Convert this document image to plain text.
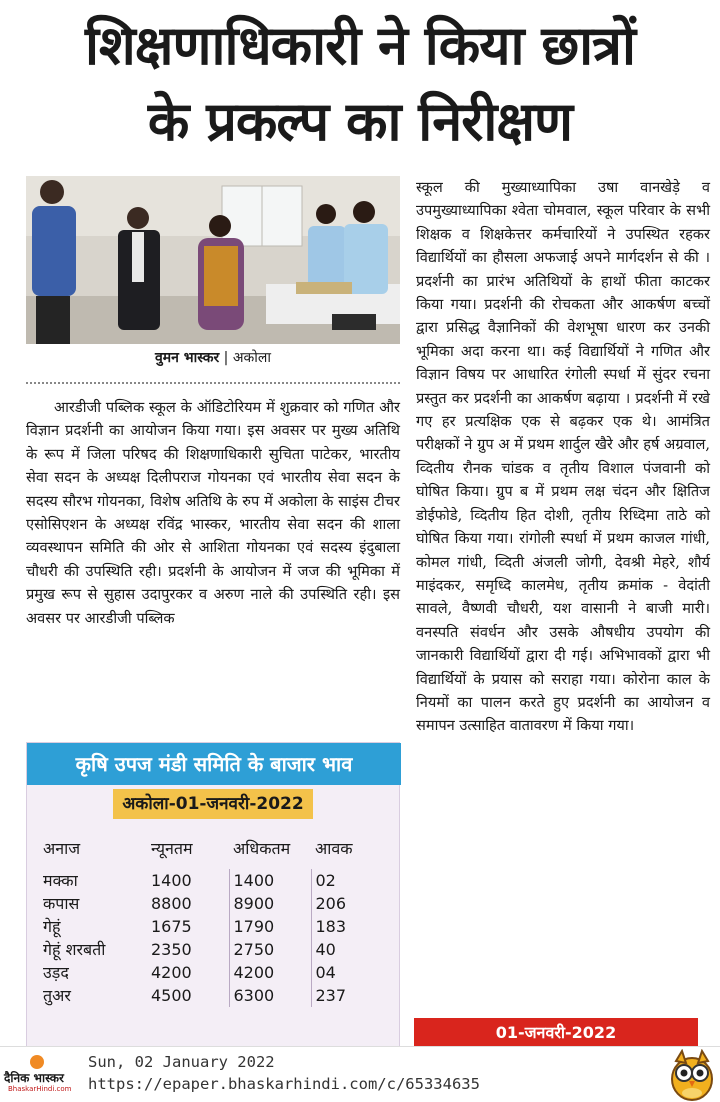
शिक्षणाधिकारी ने किया छात्रों
के प्रकल्प का निरीक्षण
वुमन भास्कर | अकोला

आरडीजी पब्लिक स्कूल के ऑडिटोरियम में शुक्रवार को गणित और विज्ञान प्रदर्शनी का आयोजन किया गया। इस अवसर पर मुख्य अतिथि के रूप में जिला परिषद की शिक्षणाधिकारी सुचिता पाटेकर, भारतीय सेवा सदन के अध्यक्ष दिलीपराज गोयनका एवं भारतीय सेवा सदन के सदस्य सौरभ गोयनका, विशेष अतिथि के रुप में अकोला के साइंस टीचर एसोसिएशन के अध्यक्ष रविंद्र भास्कर, भारतीय सेवा सदन की शाला व्यवस्थापन समिति की ओर से आशिता गोयनका एवं सदस्य इंदुबाला चौधरी की उपस्थिति रही। प्रदर्शनी के आयोजन में जज की भूमिका में प्रमुख रूप से सुहास उदापुरकर व अरुण नाले की उपस्थिति रही। इस अवसर पर आरडीजी पब्लिक

स्कूल की मुख्याध्यापिका उषा वानखेड़े व उपमुख्याध्यापिका श्वेता चोमवाल, स्कूल परिवार के सभी शिक्षक व शिक्षकेत्तर कर्मचारियों ने उपस्थित रहकर विद्यार्थियों का हौसला अफजाई अपने मार्गदर्शन से की । प्रदर्शनी का प्रारंभ अतिथियों के हाथों फीता काटकर किया गया। प्रदर्शनी की रोचकता और आकर्षण बच्चों द्वारा प्रसिद्ध वैज्ञानिकों की वेशभूषा धारण कर उनकी भूमिका अदा करना था। कई विद्यार्थियों ने गणित और विज्ञान विषय पर आधारित रंगोली स्पर्धा में सुंदर रचना प्रस्तुत कर प्रदर्शनी का आकर्षण बढ़ाया । प्रदर्शनी में रखे गए हर प्रत्यक्षिक एक से बढ़कर एक थे। आमंत्रित परीक्षकों ने ग्रुप अ में प्रथम शार्दुल खैरे और हर्ष अग्रवाल, व्दितीय रौनक चांडक व तृतीय विशाल पंजवानी को घोषित किया। ग्रुप ब में प्रथम लक्ष चंदन और क्षितिज डोईफोडे, व्दितीय हित दोशी, तृतीय रिध्दिमा ताठे को घोषित किया गया। रांगोली स्पर्धा में प्रथम काजल गांधी, कोमल गांधी, व्दिती अंजली जोगी, देवश्री मेहरे, शौर्य माइंदकर, समृध्दि कालमेध, तृतीय क्रमांक - वेदांती सावले, वैष्णवी चौधरी, यश वासानी ने बाजी मारी। वनस्पति संवर्धन और उसके औषधीय उपयोग की जानकारी विद्यार्थियों द्वारा दी गई। अभिभावकों द्वारा भी विद्यार्थियों के प्रयास को सराहा गया। कोरोना काल के नियमों का पालन करते हुए प्रदर्शनी का आयोजन व समापन उत्साहित वातावरण में किया गया।

कृषि उपज मंडी समिति के बाजार भाव
अकोला-01-जनवरी-2022
अनाज	न्यूनतम	अधिकतम	आवक
मक्का	1400	1400	02
कपास	8800	8900	206
गेहूं	1675	1790	183
गेहूं शरबती	2350	2750	40
उड़द	4200	4200	04
तुअर	4500	6300	237
01-जनवरी-2022
दैनिक भास्कर
BhaskarHindi.com
Sun, 02 January 2022
https://epaper.bhaskarhindi.com/c/65334635
